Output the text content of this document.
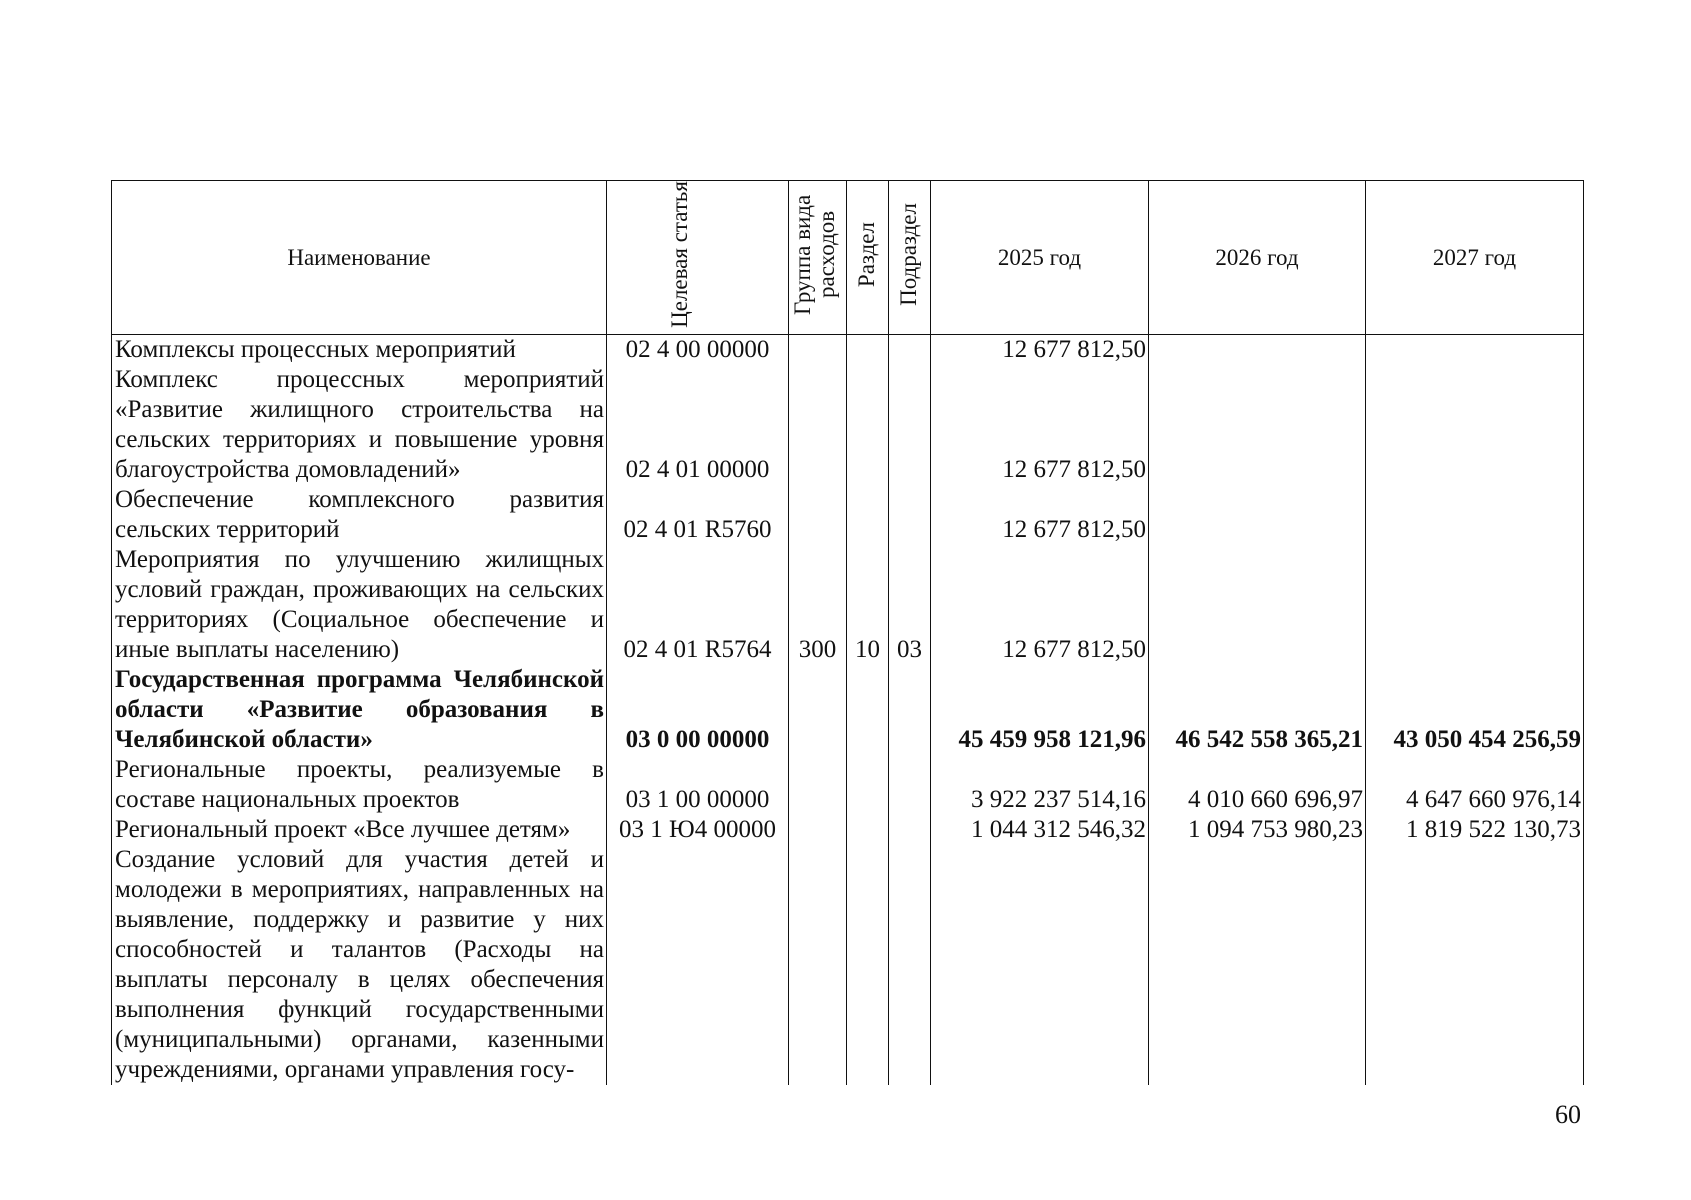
Наименование	Целевая статья	Группа вида расходов	Раздел	Подраздел	2025 год	2026 год	2027 год
Комплексы процессных мероприятий	02 4 00 00000				12 677 812,50		
Комплекс процессных мероприятий «Развитие жилищного строительства на сельских территориях и повышение уровня благоустройства домовладений»	02 4 01 00000				12 677 812,50		
Обеспечение комплексного развития сельских территорий	02 4 01 R5760				12 677 812,50		
Мероприятия по улучшению жилищных условий граждан, проживающих на сельских территориях (Социальное обеспечение и иные выплаты населению)	02 4 01 R5764	300	10	03	12 677 812,50		
Государственная программа Челябинской области «Развитие образования в Челябинской области»	03 0 00 00000				45 459 958 121,96	46 542 558 365,21	43 050 454 256,59
Региональные проекты, реализуемые в составе национальных проектов	03 1 00 00000				3 922 237 514,16	4 010 660 696,97	4 647 660 976,14
Региональный проект «Все лучшее детям»	03 1 Ю4 00000				1 044 312 546,32	1 094 753 980,23	1 819 522 130,73
Создание условий для участия детей и молодежи в мероприятиях, направленных на выявление, поддержку и развитие у них способностей и талантов (Расходы на выплаты персоналу в целях обеспечения выполнения функций государственными (муниципальными) органами, казенными учреждениями, органами управления госу-							
60
